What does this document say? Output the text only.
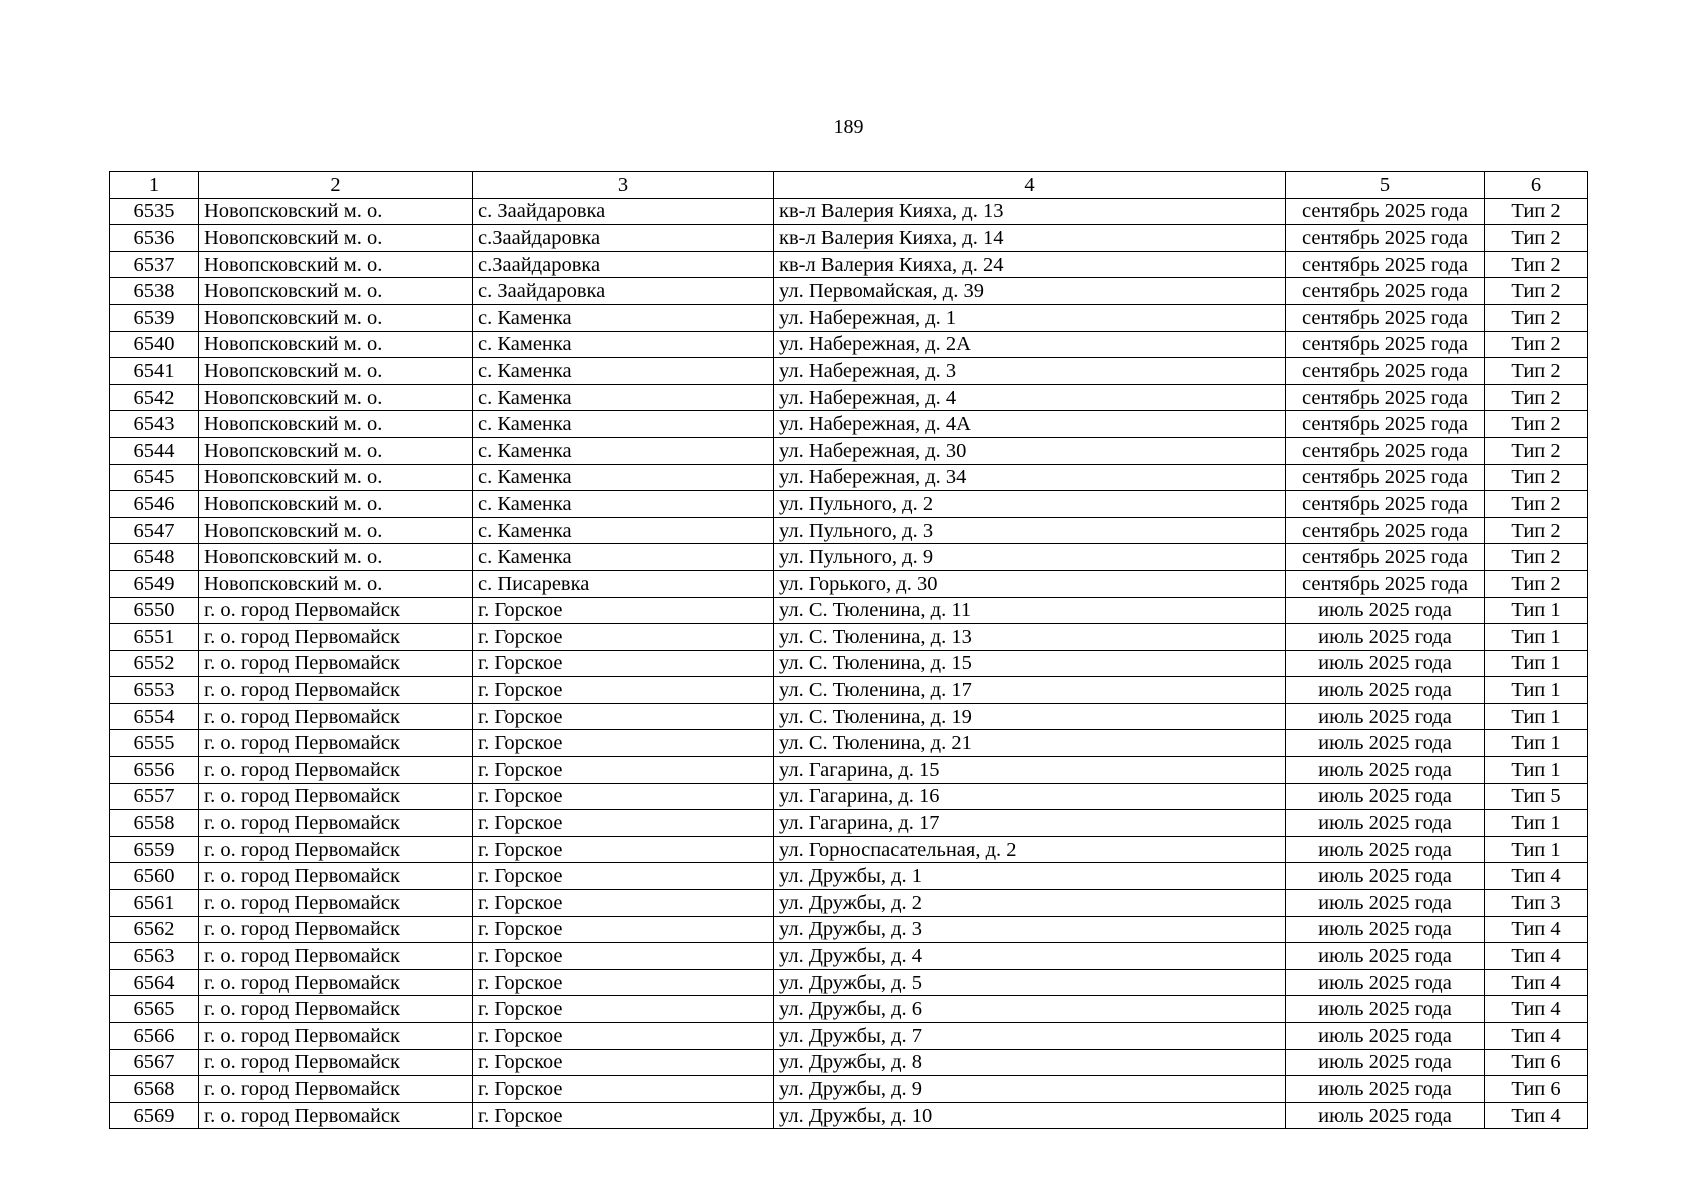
189
1	2	3	4	5	6
6535	Новопсковский м. о.	с. Заайдаровка	кв-л Валерия Кияха, д. 13	сентябрь 2025 года	Тип 2
6536	Новопсковский м. о.	с.Заайдаровка	кв-л Валерия Кияха, д. 14	сентябрь 2025 года	Тип 2
6537	Новопсковский м. о.	с.Заайдаровка	кв-л Валерия Кияха, д. 24	сентябрь 2025 года	Тип 2
6538	Новопсковский м. о.	с. Заайдаровка	ул. Первомайская, д. 39	сентябрь 2025 года	Тип 2
6539	Новопсковский м. о.	с. Каменка	ул. Набережная, д. 1	сентябрь 2025 года	Тип 2
6540	Новопсковский м. о.	с. Каменка	ул. Набережная, д. 2А	сентябрь 2025 года	Тип 2
6541	Новопсковский м. о.	с. Каменка	ул. Набережная, д. 3	сентябрь 2025 года	Тип 2
6542	Новопсковский м. о.	с. Каменка	ул. Набережная, д. 4	сентябрь 2025 года	Тип 2
6543	Новопсковский м. о.	с. Каменка	ул. Набережная, д. 4А	сентябрь 2025 года	Тип 2
6544	Новопсковский м. о.	с. Каменка	ул. Набережная, д. 30	сентябрь 2025 года	Тип 2
6545	Новопсковский м. о.	с. Каменка	ул. Набережная, д. 34	сентябрь 2025 года	Тип 2
6546	Новопсковский м. о.	с. Каменка	ул. Пульного, д. 2	сентябрь 2025 года	Тип 2
6547	Новопсковский м. о.	с. Каменка	ул. Пульного, д. 3	сентябрь 2025 года	Тип 2
6548	Новопсковский м. о.	с. Каменка	ул. Пульного, д. 9	сентябрь 2025 года	Тип 2
6549	Новопсковский м. о.	с. Писаревка	ул. Горького, д. 30	сентябрь 2025 года	Тип 2
6550	г. о. город Первомайск	г. Горское	ул. С. Тюленина, д. 11	июль 2025 года	Тип 1
6551	г. о. город Первомайск	г. Горское	ул. С. Тюленина, д. 13	июль 2025 года	Тип 1
6552	г. о. город Первомайск	г. Горское	ул. С. Тюленина, д. 15	июль 2025 года	Тип 1
6553	г. о. город Первомайск	г. Горское	ул. С. Тюленина, д. 17	июль 2025 года	Тип 1
6554	г. о. город Первомайск	г. Горское	ул. С. Тюленина, д. 19	июль 2025 года	Тип 1
6555	г. о. город Первомайск	г. Горское	ул. С. Тюленина, д. 21	июль 2025 года	Тип 1
6556	г. о. город Первомайск	г. Горское	ул. Гагарина, д. 15	июль 2025 года	Тип 1
6557	г. о. город Первомайск	г. Горское	ул. Гагарина, д. 16	июль 2025 года	Тип 5
6558	г. о. город Первомайск	г. Горское	ул. Гагарина, д. 17	июль 2025 года	Тип 1
6559	г. о. город Первомайск	г. Горское	ул. Горноспасательная, д. 2	июль 2025 года	Тип 1
6560	г. о. город Первомайск	г. Горское	ул. Дружбы, д. 1	июль 2025 года	Тип 4
6561	г. о. город Первомайск	г. Горское	ул. Дружбы, д. 2	июль 2025 года	Тип 3
6562	г. о. город Первомайск	г. Горское	ул. Дружбы, д. 3	июль 2025 года	Тип 4
6563	г. о. город Первомайск	г. Горское	ул. Дружбы, д. 4	июль 2025 года	Тип 4
6564	г. о. город Первомайск	г. Горское	ул. Дружбы, д. 5	июль 2025 года	Тип 4
6565	г. о. город Первомайск	г. Горское	ул. Дружбы, д. 6	июль 2025 года	Тип 4
6566	г. о. город Первомайск	г. Горское	ул. Дружбы, д. 7	июль 2025 года	Тип 4
6567	г. о. город Первомайск	г. Горское	ул. Дружбы, д. 8	июль 2025 года	Тип 6
6568	г. о. город Первомайск	г. Горское	ул. Дружбы, д. 9	июль 2025 года	Тип 6
6569	г. о. город Первомайск	г. Горское	ул. Дружбы, д. 10	июль 2025 года	Тип 4
